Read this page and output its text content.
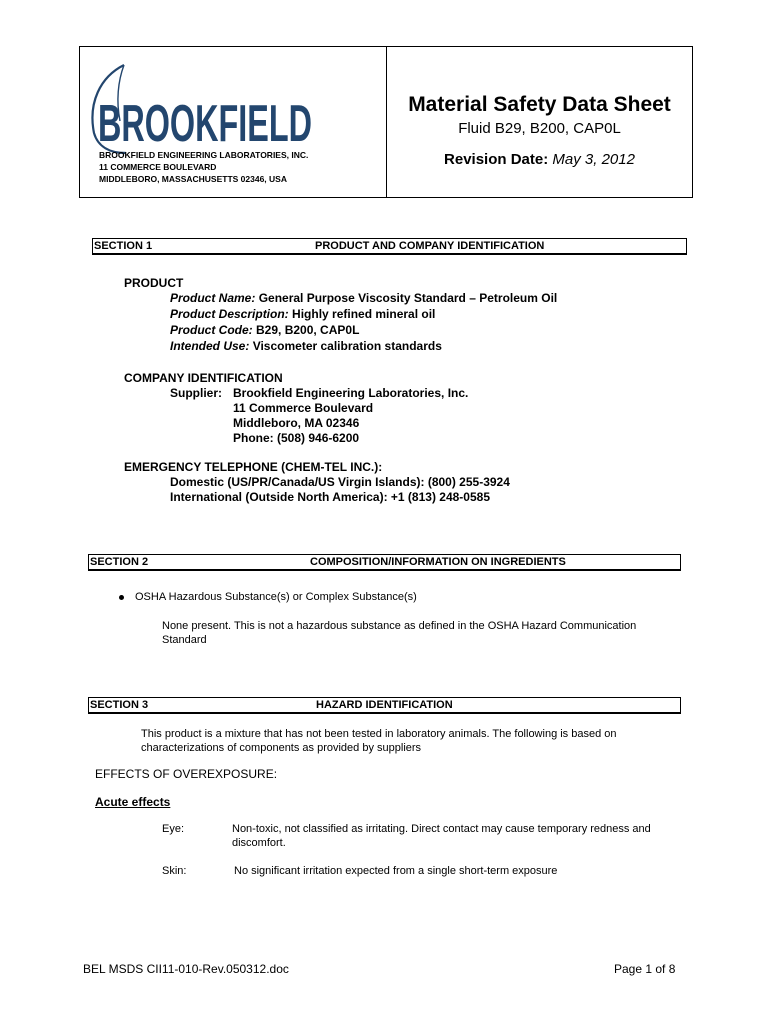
BROOKFIELD
BROOKFIELD ENGINEERING LABORATORIES, INC.
11 COMMERCE BOULEVARD
MIDDLEBORO, MASSACHUSETTS 02346, USA
Material Safety Data Sheet
Fluid B29, B200, CAP0L
Revision Date: May 3, 2012
SECTION 1	PRODUCT AND COMPANY IDENTIFICATION
PRODUCT
Product Name: General Purpose Viscosity Standard – Petroleum Oil
Product Description: Highly refined mineral oil
Product Code: B29, B200, CAP0L
Intended Use: Viscometer calibration standards
COMPANY IDENTIFICATION
Supplier: Brookfield Engineering Laboratories, Inc.
11 Commerce Boulevard
Middleboro, MA 02346
Phone: (508) 946-6200
EMERGENCY TELEPHONE (CHEM-TEL INC.):
Domestic (US/PR/Canada/US Virgin Islands): (800) 255-3924
International (Outside North America): +1 (813) 248-0585
SECTION 2	COMPOSITION/INFORMATION ON INGREDIENTS
OSHA Hazardous Substance(s) or Complex Substance(s)
None present. This is not a hazardous substance as defined in the OSHA Hazard Communication
Standard
SECTION 3	HAZARD IDENTIFICATION
This product is a mixture that has not been tested in laboratory animals. The following is based on
characterizations of components as provided by suppliers
EFFECTS OF OVEREXPOSURE:
Acute effects
Eye:	Non-toxic, not classified as irritating. Direct contact may cause temporary redness and
discomfort.
Skin:	No significant irritation expected from a single short-term exposure
BEL MSDS CII11-010-Rev.050312.doc	Page 1 of 8
